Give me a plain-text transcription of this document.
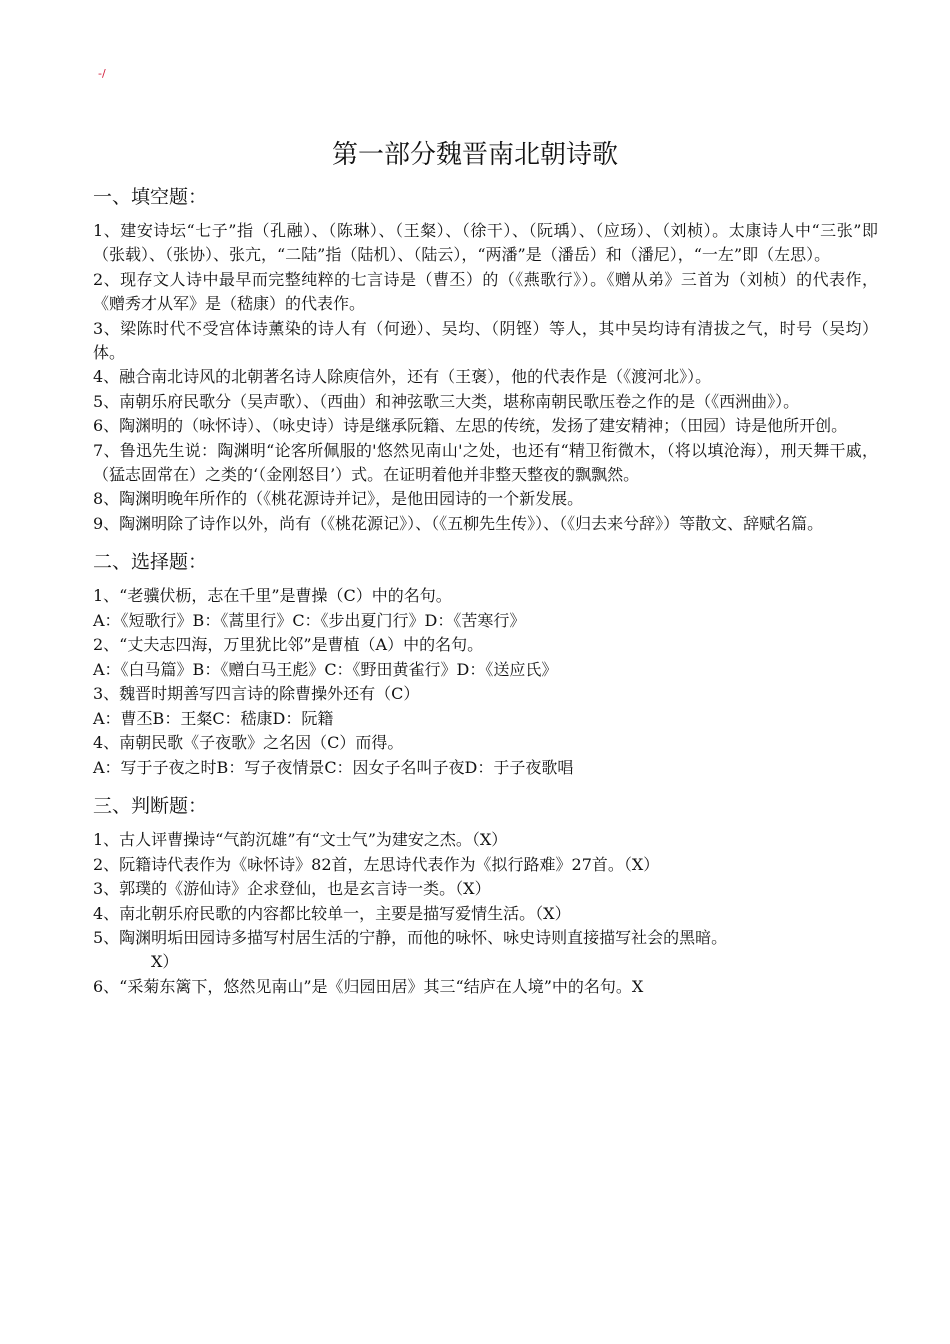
-/
第一部分魏晋南北朝诗歌
一、填空题：

1、建安诗坛“七子”指（孔融）、（陈琳）、（王粲）、（徐干）、（阮瑀）、（应玚）、（刘桢）。太康诗人中“三张”即（张载）、（张协）、张亢，“二陆”指（陆机）、（陆云），“两潘”是（潘岳）和（潘尼），“一左”即（左思）。

2、现存文人诗中最早而完整纯粹的七言诗是（曹丕）的（《燕歌行》）。《赠从弟》三首为（刘桢）的代表作，《赠秀才从军》是（嵇康）的代表作。

3、梁陈时代不受宫体诗薰染的诗人有（何逊）、吴均、（阴铿）等人，其中吴均诗有清拔之气，时号（吴均）体。

4、融合南北诗风的北朝著名诗人除庾信外，还有（王褒），他的代表作是（《渡河北》）。

5、南朝乐府民歌分（吴声歌）、（西曲）和神弦歌三大类，堪称南朝民歌压卷之作的是（《西洲曲》）。

6、陶渊明的（咏怀诗）、（咏史诗）诗是继承阮籍、左思的传统，发扬了建安精神；（田园）诗是他所开创。

7、鲁迅先生说：陶渊明“论客所佩服的'悠然见南山'之处，也还有“精卫衔微木，（将以填沧海），刑天舞干戚，（猛志固常在）之类的‘（金刚怒目’）式。在证明着他并非整天整夜的飘飘然。

8、陶渊明晚年所作的（《桃花源诗并记》，是他田园诗的一个新发展。

9、陶渊明除了诗作以外，尚有（《桃花源记》）、（《五柳先生传》）、（《归去来兮辞》）等散文、辞赋名篇。

二、选择题：

1、“老骥伏枥，志在千里”是曹操（C）中的名句。

A：《短歌行》B：《蒿里行》C：《步出夏门行》D：《苦寒行》

2、“丈夫志四海，万里犹比邻”是曹植（A）中的名句。

A：《白马篇》B：《赠白马王彪》C：《野田黄雀行》D：《送应氏》

3、魏晋时期善写四言诗的除曹操外还有（C）

A：曹丕B：王粲C：嵇康D：阮籍

4、南朝民歌《子夜歌》之名因（C）而得。

A：写于子夜之时B：写子夜情景C：因女子名叫子夜D：于子夜歌唱

三、判断题：

1、古人评曹操诗“气韵沉雄”有“文士气”为建安之杰。（X）

2、阮籍诗代表作为《咏怀诗》82首，左思诗代表作为《拟行路难》27首。（X）

3、郭璞的《游仙诗》企求登仙，也是玄言诗一类。（X）

4、南北朝乐府民歌的内容都比较单一，主要是描写爱情生活。（X）

5、陶渊明垢田园诗多描写村居生活的宁静，而他的咏怀、咏史诗则直接描写社会的黑暗。

X）

6、“采菊东篱下，悠然见南山”是《归园田居》其三“结庐在人境”中的名句。X
